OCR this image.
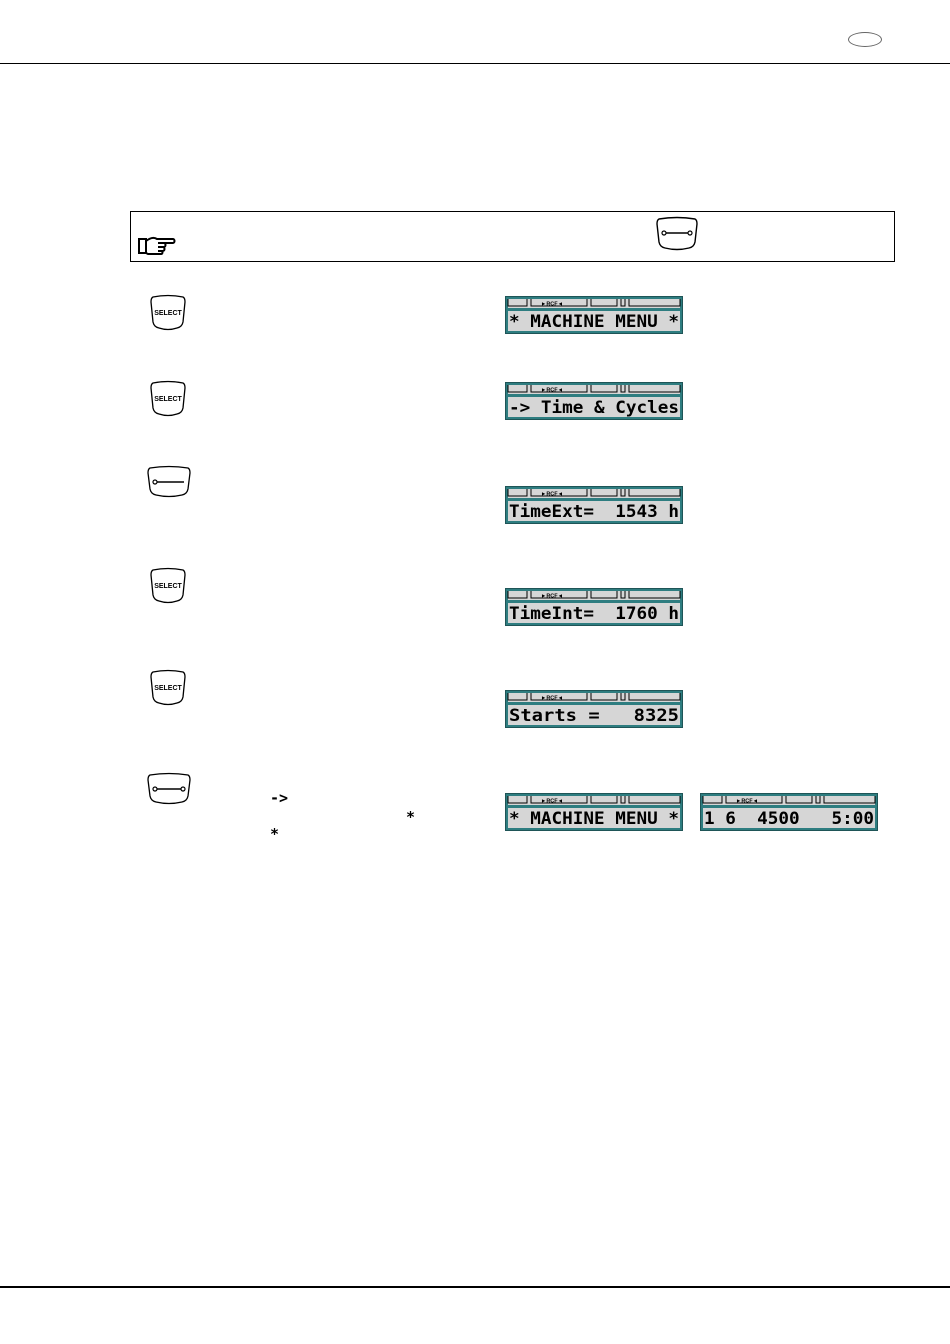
SELECT
SELECT
SELECT
SELECT
->
*
*
►RCF◄
* MACHINE MENU *
►RCF◄
-> Time & Cycles
►RCF◄
TimeExt=  1543 h
►RCF◄
TimeInt=  1760 h
►RCF◄
Starts =   8325
►RCF◄
* MACHINE MENU *
►RCF◄
1 6  4500   5:00
